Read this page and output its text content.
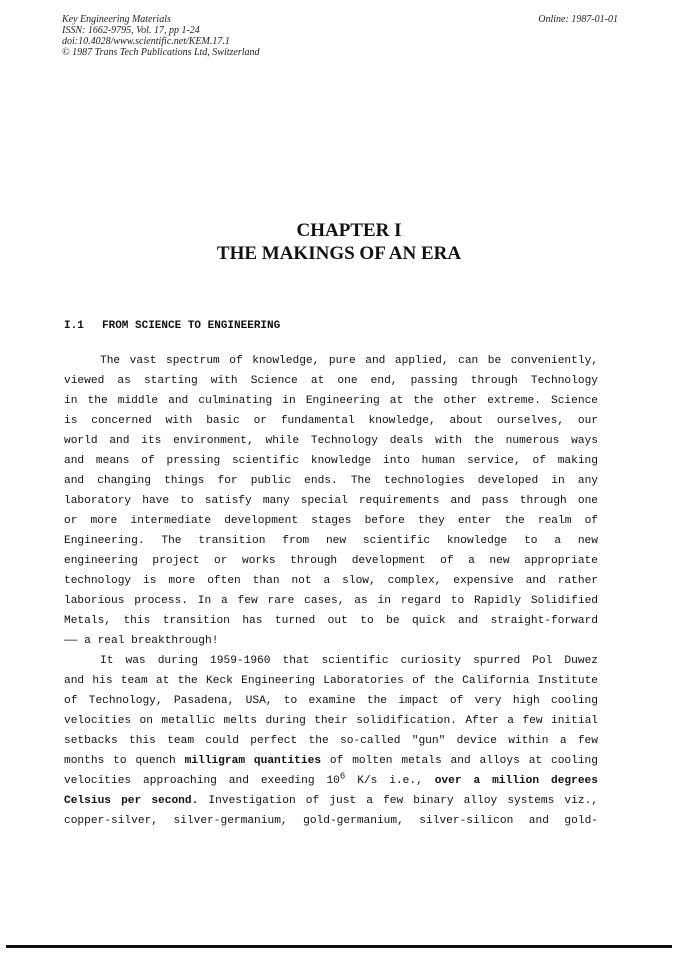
Key Engineering Materials
ISSN: 1662-9795, Vol. 17, pp 1-24
doi:10.4028/www.scientific.net/KEM.17.1
© 1987 Trans Tech Publications Ltd, Switzerland
Online: 1987-01-01
CHAPTER I
THE MAKINGS OF AN ERA
I.1 FROM SCIENCE TO ENGINEERING
The vast spectrum of knowledge, pure and applied, can be conveniently,
viewed as starting with Science at one end, passing through Technology
in the middle and culminating in Engineering at the other extreme. Science
is concerned with basic or fundamental knowledge, about ourselves, our
world and its environment, while Technology deals with the numerous ways
and means of pressing scientific knowledge into human service, of making
and changing things for public ends. The technologies developed in any
laboratory have to satisfy many special requirements and pass through one
or more intermediate development stages before they enter the realm of
Engineering. The transition from new scientific knowledge to a new
engineering project or works through development of a new appropriate
technology is more often than not a slow, complex, expensive and rather
laborious process. In a few rare cases, as in regard to Rapidly Solidified
Metals, this transition has turned out to be quick and straight-forward
—— a real breakthrough!
It was during 1959-1960 that scientific curiosity spurred Pol Duwez
and his team at the Keck Engineering Laboratories of the California Institute
of Technology, Pasadena, USA, to examine the impact of very high cooling
velocities on metallic melts during their solidification. After a few initial
setbacks this team could perfect the so-called "gun" device within a few
months to quench milligram quantities of molten metals and alloys at cooling
velocities approaching and exeeding $10^6$ K/s i.e., over a million degrees
Celsius per second. Investigation of just a few binary alloy systems viz.,
copper-silver, silver-germanium, gold-germanium, silver-silicon and gold-
